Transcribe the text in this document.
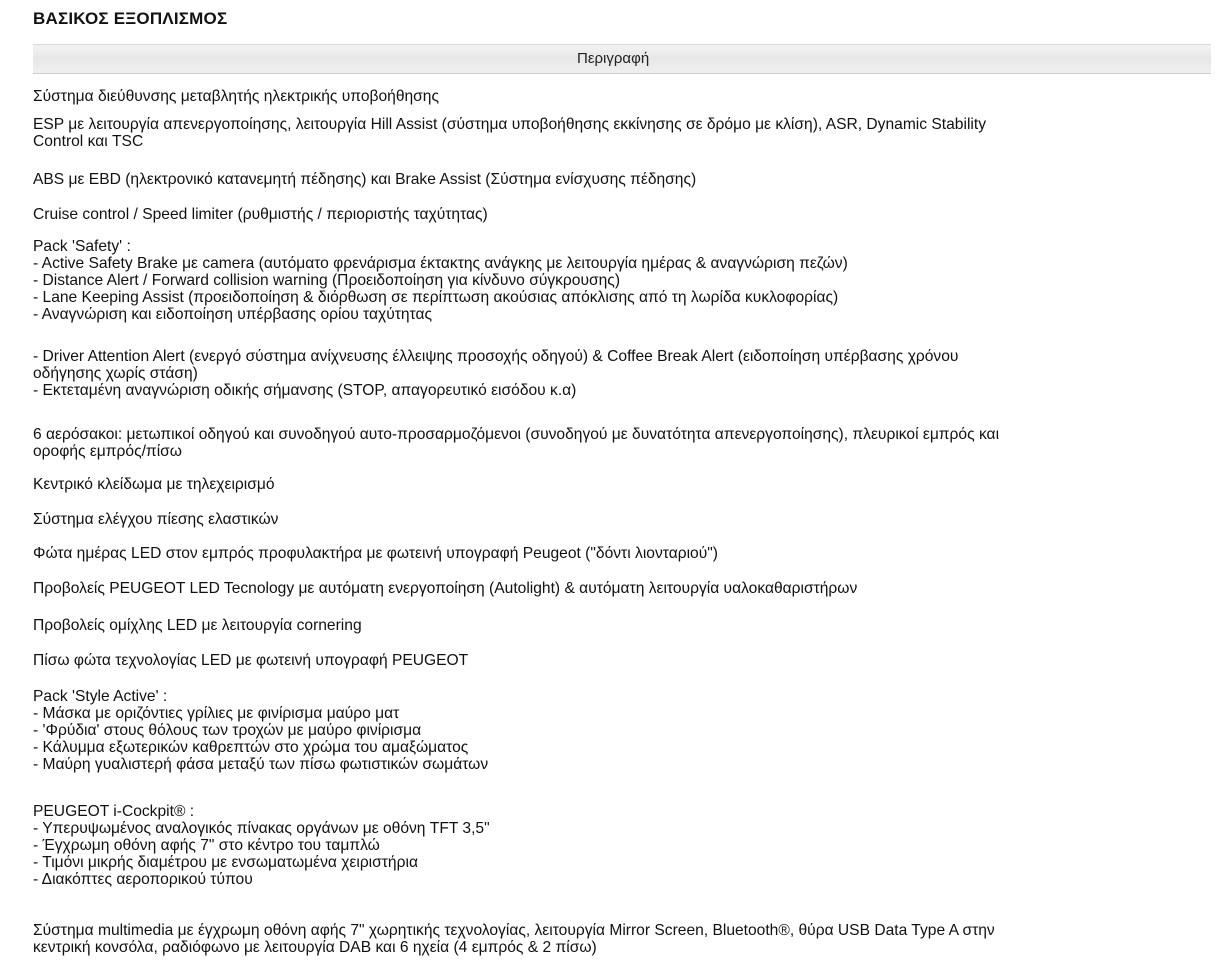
ΒΑΣΙΚΟΣ ΕΞΟΠΛΙΣΜΟΣ
Περιγραφή
Σύστημα διεύθυνσης μεταβλητής ηλεκτρικής υποβοήθησης
ESP με λειτουργία απενεργοποίησης, λειτουργία Hill Assist (σύστημα υποβοήθησης εκκίνησης σε δρόμο με κλίση), ASR, Dynamic Stability
Control και TSC
ABS με EBD (ηλεκτρονικό κατανεμητή πέδησης) και Brake Assist (Σύστημα ενίσχυσης πέδησης)
Cruise control / Speed limiter (ρυθμιστής / περιοριστής ταχύτητας)
Pack 'Safety' :
- Active Safety Brake με camera (αυτόματο φρενάρισμα έκτακτης ανάγκης με λειτουργία ημέρας & αναγνώριση πεζών)
- Distance Alert / Forward collision warning (Προειδοποίηση για κίνδυνο σύγκρουσης)
- Lane Keeping Assist (προειδοποίηση & διόρθωση σε περίπτωση ακούσιας απόκλισης από τη λωρίδα κυκλοφορίας)
- Αναγνώριση και ειδοποίηση υπέρβασης ορίου ταχύτητας
- Driver Attention Alert (ενεργό σύστημα ανίχνευσης έλλειψης προσοχής οδηγού) & Coffee Break Alert (ειδοποίηση υπέρβασης χρόνου
οδήγησης χωρίς στάση)
- Εκτεταμένη αναγνώριση οδικής σήμανσης (STOP, απαγορευτικό εισόδου κ.α)
6 αερόσακοι: μετωπικοί οδηγού και συνοδηγού αυτο-προσαρμοζόμενοι (συνοδηγού με δυνατότητα απενεργοποίησης), πλευρικοί εμπρός και
οροφής εμπρός/πίσω
Κεντρικό κλείδωμα με τηλεχειρισμό
Σύστημα ελέγχου πίεσης ελαστικών
Φώτα ημέρας LED στον εμπρός προφυλακτήρα με φωτεινή υπογραφή Peugeot ("δόντι λιονταριού")
Προβολείς PEUGEOT LED Tecnology με αυτόματη ενεργοποίηση (Autolight) & αυτόματη λειτουργία υαλοκαθαριστήρων
Προβολείς ομίχλης LED με λειτουργία cornering
Πίσω φώτα τεχνολογίας LED με φωτεινή υπογραφή PEUGEOT
Pack 'Style Active' :
- Μάσκα με οριζόντιες γρίλιες με φινίρισμα μαύρο ματ
- 'Φρύδια' στους θόλους των τροχών με μαύρο φινίρισμα
- Κάλυμμα εξωτερικών καθρεπτών στο χρώμα του αμαξώματος
- Μαύρη γυαλιστερή φάσα μεταξύ των πίσω φωτιστικών σωμάτων
PEUGEOT i-Cockpit® :
- Υπερυψωμένος αναλογικός πίνακας οργάνων με οθόνη TFT 3,5"
- Έγχρωμη οθόνη αφής 7" στο κέντρο του ταμπλώ
- Τιμόνι μικρής διαμέτρου με ενσωματωμένα χειριστήρια
- Διακόπτες αεροπορικού τύπου
Σύστημα multimedia με έγχρωμη οθόνη αφής 7" χωρητικής τεχνολογίας, λειτουργία Mirror Screen, Bluetooth®, θύρα USB Data Type A στην
κεντρική κονσόλα, ραδιόφωνο με λειτουργία DAB και 6 ηχεία (4 εμπρός & 2 πίσω)
